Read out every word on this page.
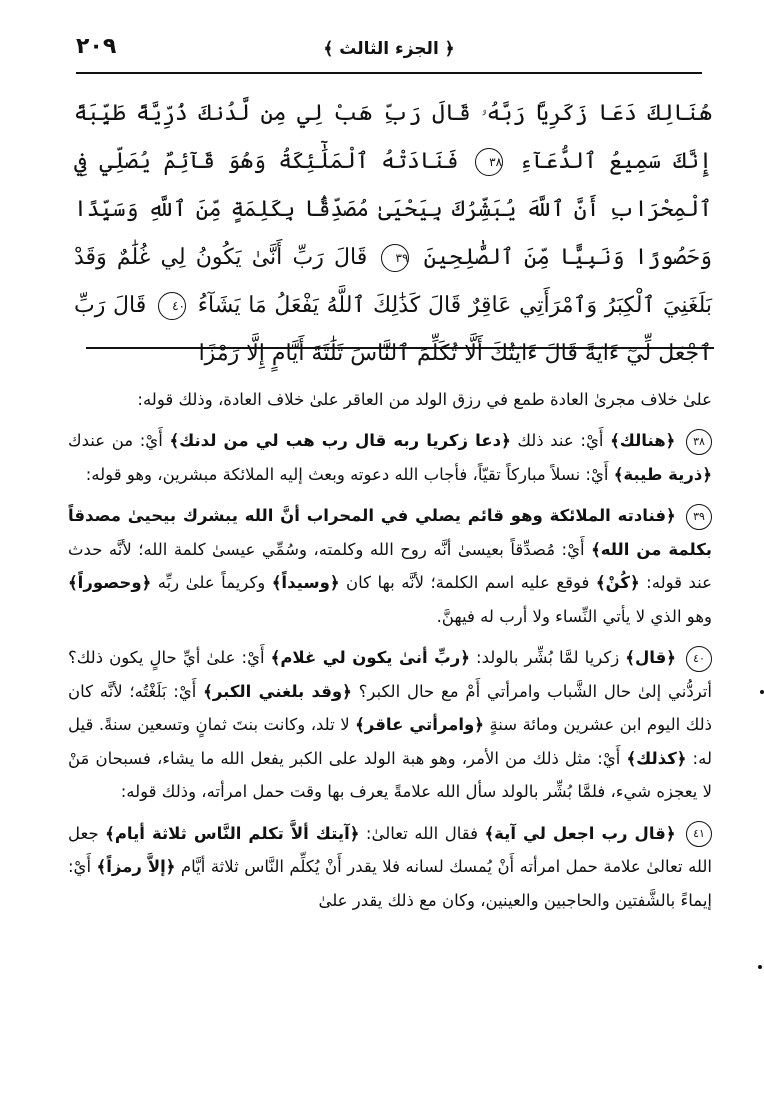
٢٠٩	﴿ الجزء الثالث ﴾
هُنَالِكَ دَعَا زَكَرِيَّا رَبَّهُۥ قَالَ رَبِّ هَبْ لِي مِن لَّدُنكَ ذُرِّيَّةً طَيِّبَةً إِنَّكَ سَمِيعُ ٱلدُّعَآءِ ٣٨ فَنَادَتْهُ ٱلْمَلَٰٓئِكَةُ وَهُوَ قَآئِمٌ يُصَلِّي فِي ٱلْمِحْرَابِ أَنَّ ٱللَّهَ يُبَشِّرُكَ بِيَحْيَىٰ مُصَدِّقًۢا بِكَلِمَةٍ مِّنَ ٱللَّهِ وَسَيِّدًا وَحَصُورًا وَنَبِيًّا مِّنَ ٱلصَّٰلِحِينَ ٣٩ قَالَ رَبِّ أَنَّىٰ يَكُونُ لِي غُلَٰمٌ وَقَدْ بَلَغَنِيَ ٱلْكِبَرُ وَٱمْرَأَتِي عَاقِرٌ قَالَ كَذَٰلِكَ ٱللَّهُ يَفْعَلُ مَا يَشَآءُ ٤٠ قَالَ رَبِّ ٱجْعَل لِّيٓ ءَايَةً قَالَ ءَايَتُكَ أَلَّا تُكَلِّمَ ٱلنَّاسَ ثَلَٰثَةَ أَيَّامٍ إِلَّا رَمْزًا

علىٰ خلاف مجرىٰ العادة طمع في رزق الولد من العاقر علىٰ خلاف العادة، وذلك قوله:

٣٨ ﴿هنالك﴾ أَيْ: عند ذلك ﴿دعا زكريا ربه قال رب هب لي من لدنك﴾ أَيْ: من عندك ﴿ذرية طيبة﴾ أَيْ: نسلاً مباركاً تقيّاً، فأجاب الله دعوته وبعث إليه الملائكة مبشرين، وهو قوله:

٣٩ ﴿فنادته الملائكة وهو قائم يصلي في المحراب أنَّ الله يبشرك بيحيىٰ مصدقاً بكلمة من الله﴾ أَيْ: مُصدِّقاً بعيسىٰ أنَّه روح الله وكلمته، وسُمِّي عيسىٰ كلمة الله؛ لأنَّه حدث عند قوله: ﴿كُنْ﴾ فوقع عليه اسم الكلمة؛ لأنَّه بها كان ﴿وسيداً﴾ وكريماً علىٰ ربِّه ﴿وحصوراً﴾ وهو الذي لا يأتي النِّساء ولا أرب له فيهنَّ.

٤٠ ﴿قال﴾ زكريا لمَّا بُشِّر بالولد: ﴿ربِّ أنىٰ يكون لي غلام﴾ أَيْ: علىٰ أيِّ حالٍ يكون ذلك؟ أتردُّني إلىٰ حال الشَّباب وامرأتي أَمْ مع حال الكبر؟ ﴿وقد بلغني الكبر﴾ أَيْ: بَلَغْتُه؛ لأنَّه كان ذلك اليوم ابن عشرين ومائة سنةٍ ﴿وامرأتي عاقر﴾ لا تلد، وكانت بنتَ ثمانٍ وتسعين سنةً. قيل له: ﴿كذلك﴾ أَيْ: مثل ذلك من الأمر، وهو هبة الولد على الكبر يفعل الله ما يشاء، فسبحان مَنْ لا يعجزه شيء، فلمَّا بُشِّر بالولد سأل الله علامةً يعرف بها وقت حمل امرأته، وذلك قوله:

٤١ ﴿قال رب اجعل لي آية﴾ فقال الله تعالىٰ: ﴿آيتك ألاَّ تكلم النَّاس ثلاثة أيام﴾ جعل الله تعالىٰ علامة حمل امرأته أَنْ يُمسك لسانه فلا يقدر أَنْ يُكلِّم النَّاس ثلاثة أيَّام ﴿إلاَّ رمزاً﴾ أَيْ: إيماءً بالشَّفتين والحاجبين والعينين، وكان مع ذلك يقدر علىٰ
